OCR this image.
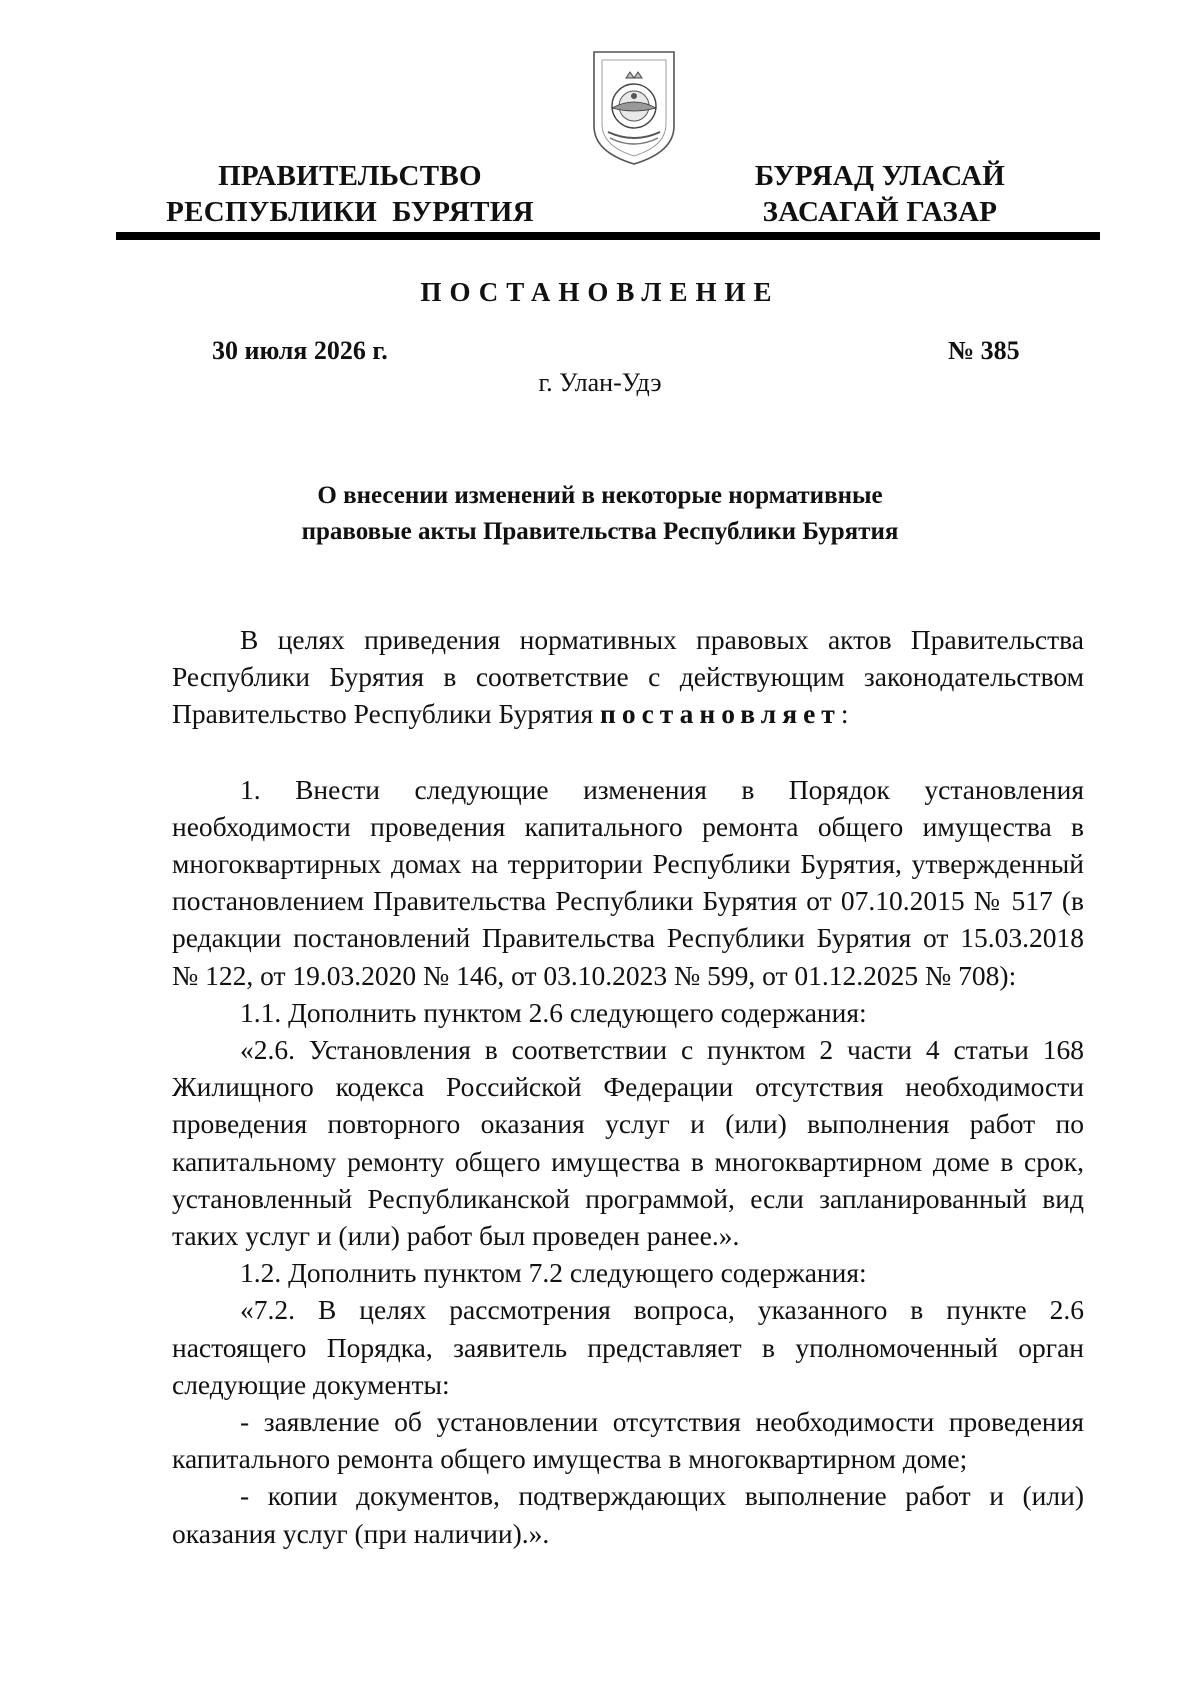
ПРАВИТЕЛЬСТВО
РЕСПУБЛИКИ  БУРЯТИЯ
БУРЯАД УЛАСАЙ
ЗАСАГАЙ ГАЗАР
ПОСТАНОВЛЕНИЕ
30 июля 2026 г.	№ 385
г. Улан-Удэ
О внесении изменений в некоторые нормативные
правовые акты Правительства Республики Бурятия

В целях приведения нормативных правовых актов Правительства Республики Бурятия в соответствие с действующим законодательством Правительство Республики Бурятия постановляет:

1. Внести следующие изменения в Порядок установления необходимости проведения капитального ремонта общего имущества в многоквартирных домах на территории Республики Бурятия, утвержденный постановлением Правительства Республики Бурятия от 07.10.2015 № 517 (в редакции постановлений Правительства Республики Бурятия от 15.03.2018 № 122, от 19.03.2020 № 146, от 03.10.2023 № 599, от 01.12.2025 № 708):

1.1. Дополнить пунктом 2.6 следующего содержания:

«2.6. Установления в соответствии с пунктом 2 части 4 статьи 168 Жилищного кодекса Российской Федерации отсутствия необходимости проведения повторного оказания услуг и (или) выполнения работ по капитальному ремонту общего имущества в многоквартирном доме в срок, установленный Республиканской программой, если запланированный вид таких услуг и (или) работ был проведен ранее.».

1.2. Дополнить пунктом 7.2 следующего содержания:

«7.2. В целях рассмотрения вопроса, указанного в пункте 2.6 настоящего Порядка, заявитель представляет в уполномоченный орган следующие документы:

- заявление об установлении отсутствия необходимости проведения капитального ремонта общего имущества в многоквартирном доме;

- копии документов, подтверждающих выполнение работ и (или) оказания услуг (при наличии).».
